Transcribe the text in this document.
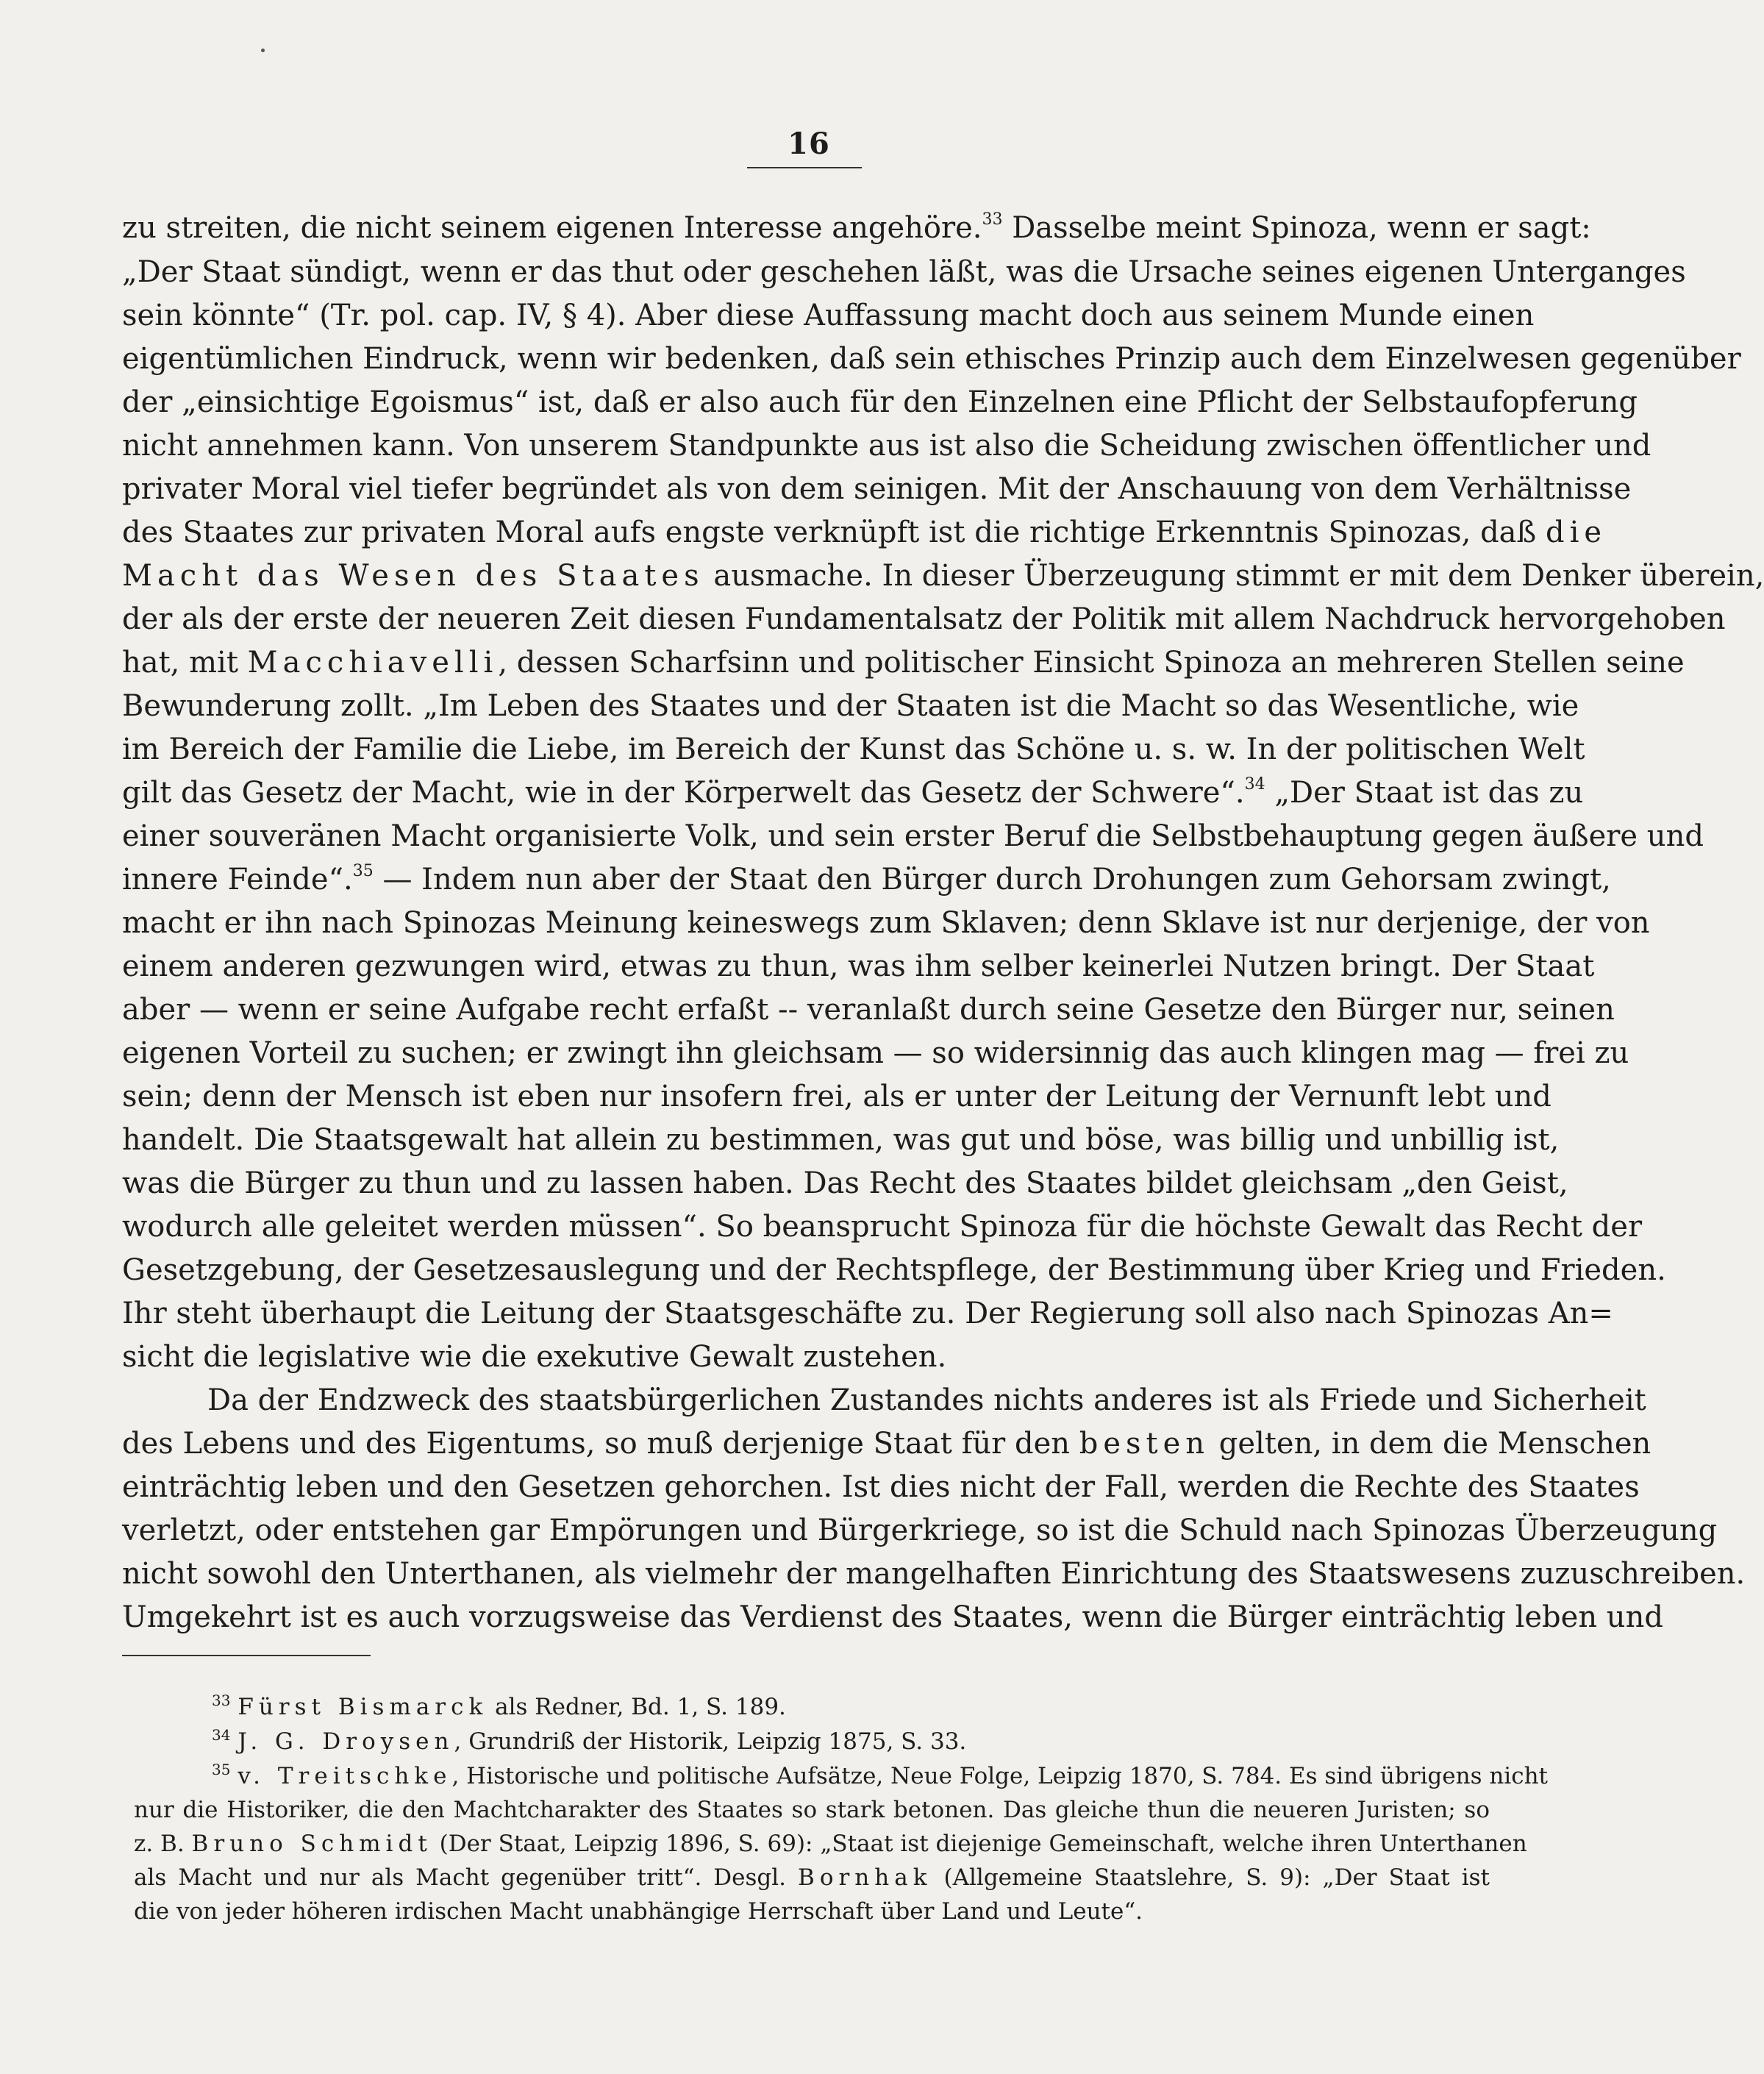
16
zu streiten, die nicht seinem eigenen Interesse angehöre.$^{33}$ Dasselbe meint Spinoza, wenn er sagt:
„Der Staat sündigt, wenn er das thut oder geschehen läßt, was die Ursache seines eigenen Unterganges
sein könnte“ (Tr. pol. cap. IV, § 4). Aber diese Auffassung macht doch aus seinem Munde einen
eigentümlichen Eindruck, wenn wir bedenken, daß sein ethisches Prinzip auch dem Einzelwesen gegenüber
der „einsichtige Egoismus“ ist, daß er also auch für den Einzelnen eine Pflicht der Selbstaufopferung
nicht annehmen kann. Von unserem Standpunkte aus ist also die Scheidung zwischen öffentlicher und
privater Moral viel tiefer begründet als von dem seinigen. Mit der Anschauung von dem Verhältnisse
des Staates zur privaten Moral aufs engste verknüpft ist die richtige Erkenntnis Spinozas, daß die
Macht das Wesen des Staates ausmache. In dieser Überzeugung stimmt er mit dem Denker überein,
der als der erste der neueren Zeit diesen Fundamentalsatz der Politik mit allem Nachdruck hervorgehoben
hat, mit Macchiavelli, dessen Scharfsinn und politischer Einsicht Spinoza an mehreren Stellen seine
Bewunderung zollt. „Im Leben des Staates und der Staaten ist die Macht so das Wesentliche, wie
im Bereich der Familie die Liebe, im Bereich der Kunst das Schöne u. s. w. In der politischen Welt
gilt das Gesetz der Macht, wie in der Körperwelt das Gesetz der Schwere“.$^{34}$ „Der Staat ist das zu
einer souveränen Macht organisierte Volk, und sein erster Beruf die Selbstbehauptung gegen äußere und
innere Feinde“.$^{35}$ — Indem nun aber der Staat den Bürger durch Drohungen zum Gehorsam zwingt,
macht er ihn nach Spinozas Meinung keineswegs zum Sklaven; denn Sklave ist nur derjenige, der von
einem anderen gezwungen wird, etwas zu thun, was ihm selber keinerlei Nutzen bringt. Der Staat
aber — wenn er seine Aufgabe recht erfaßt -- veranlaßt durch seine Gesetze den Bürger nur, seinen
eigenen Vorteil zu suchen; er zwingt ihn gleichsam — so widersinnig das auch klingen mag — frei zu
sein; denn der Mensch ist eben nur insofern frei, als er unter der Leitung der Vernunft lebt und
handelt. Die Staatsgewalt hat allein zu bestimmen, was gut und böse, was billig und unbillig ist,
was die Bürger zu thun und zu lassen haben. Das Recht des Staates bildet gleichsam „den Geist,
wodurch alle geleitet werden müssen“. So beansprucht Spinoza für die höchste Gewalt das Recht der
Gesetzgebung, der Gesetzesauslegung und der Rechtspflege, der Bestimmung über Krieg und Frieden.
Ihr steht überhaupt die Leitung der Staatsgeschäfte zu. Der Regierung soll also nach Spinozas An=
sicht die legislative wie die exekutive Gewalt zustehen.
Da der Endzweck des staatsbürgerlichen Zustandes nichts anderes ist als Friede und Sicherheit
des Lebens und des Eigentums, so muß derjenige Staat für den besten gelten, in dem die Menschen
einträchtig leben und den Gesetzen gehorchen. Ist dies nicht der Fall, werden die Rechte des Staates
verletzt, oder entstehen gar Empörungen und Bürgerkriege, so ist die Schuld nach Spinozas Überzeugung
nicht sowohl den Unterthanen, als vielmehr der mangelhaften Einrichtung des Staatswesens zuzuschreiben.
Umgekehrt ist es auch vorzugsweise das Verdienst des Staates, wenn die Bürger einträchtig leben und
$^{33}$ Fürst Bismarck als Redner, Bd. 1, S. 189.
$^{34}$ J. G. Droysen, Grundriß der Historik, Leipzig 1875, S. 33.
$^{35}$ v. Treitschke, Historische und politische Aufsätze, Neue Folge, Leipzig 1870, S. 784. Es sind übrigens nicht
nur die Historiker, die den Machtcharakter des Staates so stark betonen. Das gleiche thun die neueren Juristen; so
z. B. Bruno Schmidt (Der Staat, Leipzig 1896, S. 69): „Staat ist diejenige Gemeinschaft, welche ihren Unterthanen
als Macht und nur als Macht gegenüber tritt“. Desgl. Bornhak (Allgemeine Staatslehre, S. 9): „Der Staat ist
die von jeder höheren irdischen Macht unabhängige Herrschaft über Land und Leute“.
